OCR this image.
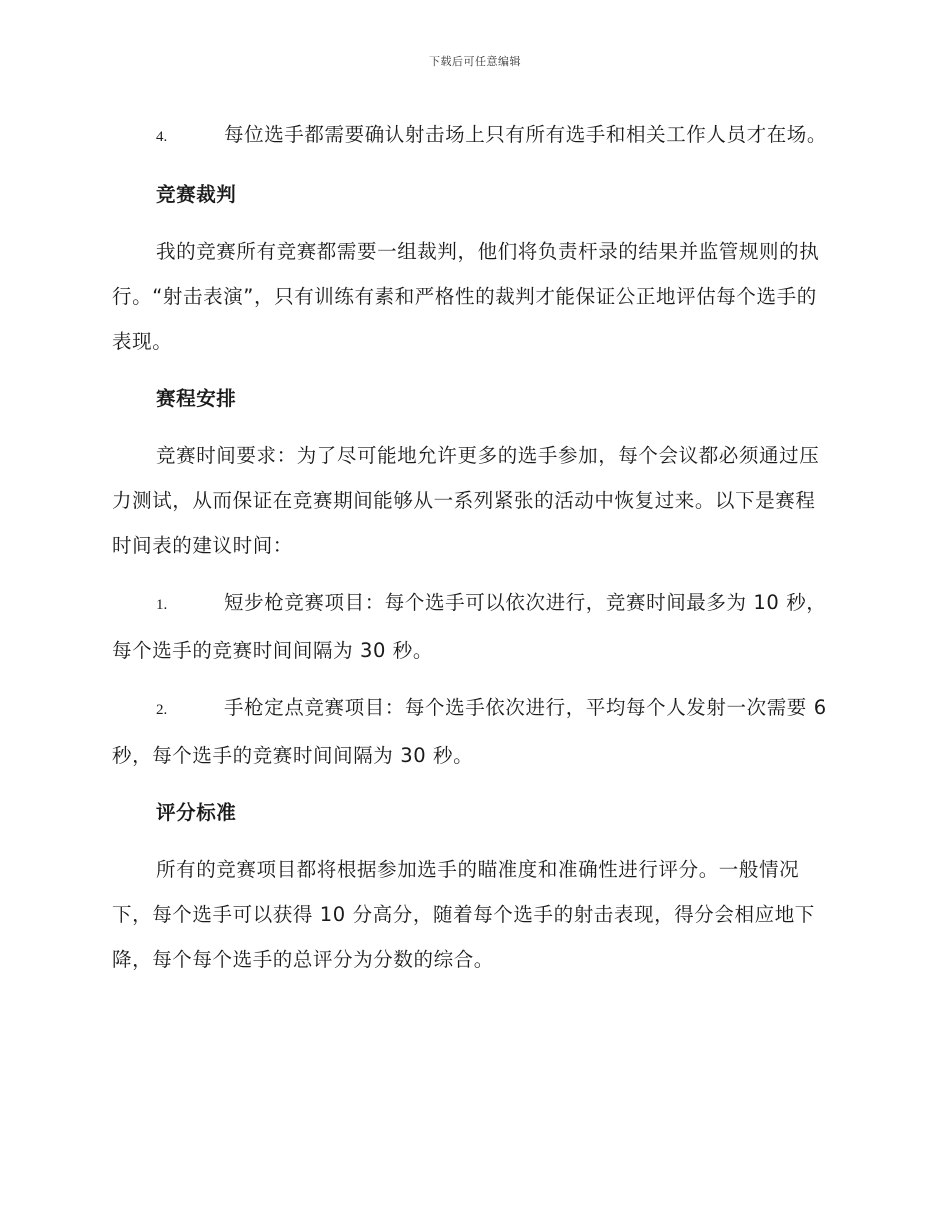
下载后可任意编辑

4.	每位选手都需要确认射击场上只有所有选手和相关工作人员才在场。

竞赛裁判

我的竞赛所有竞赛都需要一组裁判，他们将负责杆录的结果并监管规则的执行。“射击表演”，只有训练有素和严格性的裁判才能保证公正地评估每个选手的表现。

赛程安排

竞赛时间要求：为了尽可能地允许更多的选手参加，每个会议都必须通过压力测试，从而保证在竞赛期间能够从一系列紧张的活动中恢复过来。以下是赛程时间表的建议时间：

1.	短步枪竞赛项目：每个选手可以依次进行，竞赛时间最多为 10 秒，每个选手的竞赛时间间隔为 30 秒。

2.	手枪定点竞赛项目：每个选手依次进行，平均每个人发射一次需要 6 秒，每个选手的竞赛时间间隔为 30 秒。

评分标准

所有的竞赛项目都将根据参加选手的瞄准度和准确性进行评分。一般情况下，每个选手可以获得 10 分高分，随着每个选手的射击表现，得分会相应地下降，每个每个选手的总评分为分数的综合。
